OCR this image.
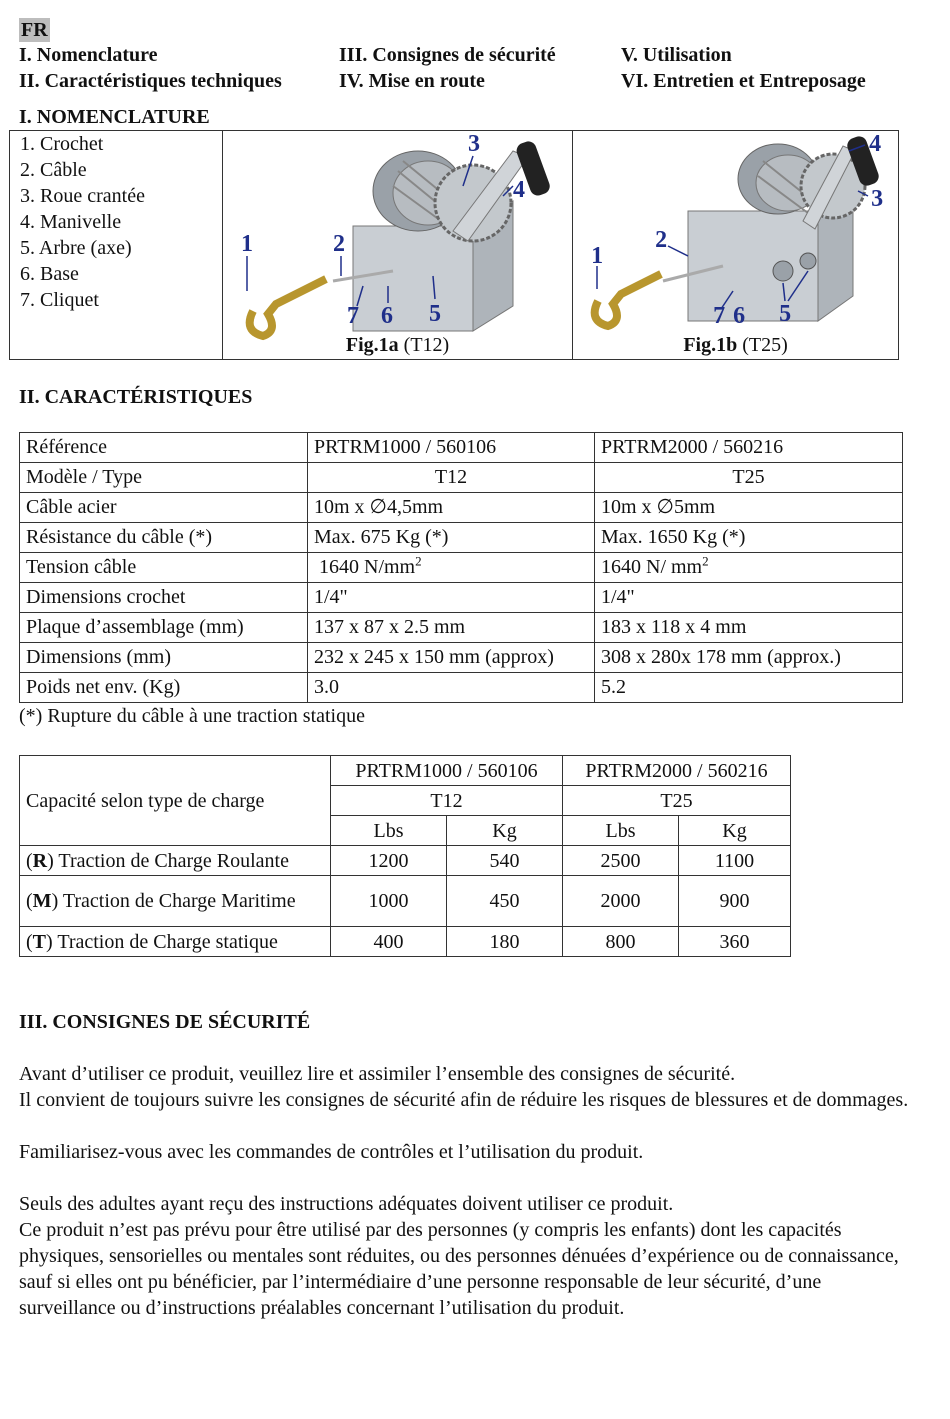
FR
I. Nomenclature	III. Consignes de sécurité	V. Utilisation
II. Caractéristiques techniques	IV. Mise en route	VI. Entretien et Entreposage
I. NOMENCLATURE
1. Crochet
2. Câble
3. Roue crantée
4. Manivelle
5. Arbre (axe)
6. Base
7. Cliquet

1	2
3
4
5
6
7
Fig.1a (T12)

1
2
3
4
5
6
7
Fig.1b (T25)
II. CARACTÉRISTIQUES
Référence	PRTRM1000 / 560106	PRTRM2000 / 560216
Modèle / Type	T12	T25
Câble acier	10m x ∅4,5mm	10m x ∅5mm
Résistance du câble (*)	Max. 675 Kg (*)	Max. 1650 Kg (*)
Tension câble	1640 $N/mm^2$	1640 N/ $mm^2$
Dimensions crochet	1/4"	1/4"
Plaque d’assemblage (mm)	137 x 87 x 2.5 mm	183 x 118 x 4 mm
Dimensions (mm)	232 x 245 x 150 mm (approx)	308 x 280x 178 mm (approx.)
Poids net env. (Kg)	3.0	5.2
(*) Rupture du câble à une traction statique
Capacité selon type de charge	PRTRM1000 / 560106		PRTRM2000 / 560216	
	T12		T25	
	Lbs	Kg	Lbs	Kg
(R) Traction de Charge Roulante	1200	540	2500	1100
(M) Traction de Charge Maritime	1000	450	2000	900
(T) Traction de Charge statique	400	180	800	360
III. CONSIGNES DE SÉCURITÉ
Avant d’utiliser ce produit, veuillez lire et assimiler l’ensemble des consignes de sécurité.
Il convient de toujours suivre les consignes de sécurité afin de réduire les risques de blessures et de dommages.
Familiarisez-vous avec les commandes de contrôles et l’utilisation du produit.
Seuls des adultes ayant reçu des instructions adéquates doivent utiliser ce produit.
Ce produit n’est pas prévu pour être utilisé par des personnes (y compris les enfants) dont les capacités physiques, sensorielles ou mentales sont réduites, ou des personnes dénuées d’expérience ou de connaissance, sauf si elles ont pu bénéficier, par l’intermédiaire d’une personne responsable de leur sécurité, d’une surveillance ou d’instructions préalables concernant l’utilisation du produit.
